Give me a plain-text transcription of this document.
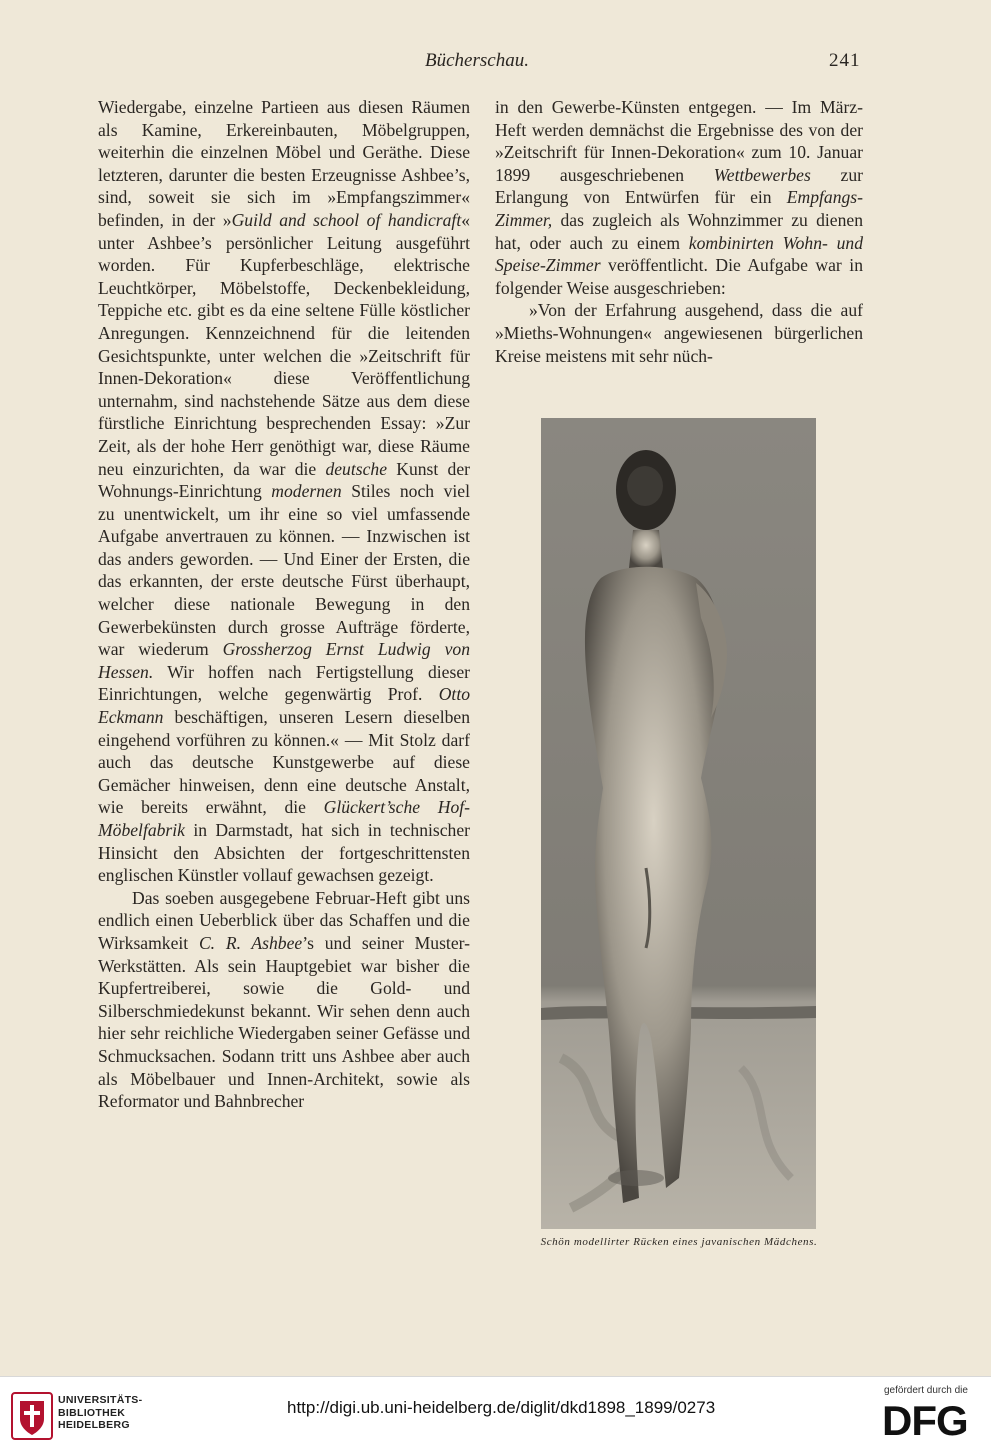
Bücherschau.	241

Wiedergabe, einzelne Partieen aus diesen Räumen als Kamine, Erkereinbauten, Möbelgruppen, weiterhin die einzelnen Möbel und Geräthe. Diese letzteren, darunter die besten Erzeugnisse Ashbee’s, sind, soweit sie sich im »Empfangszimmer« befinden, in der »Guild and school of handicraft« unter Ashbee’s persönlicher Leitung ausgeführt worden. Für Kupferbeschläge, elektrische Leuchtkörper, Möbelstoffe, Deckenbekleidung, Teppiche etc. gibt es da eine seltene Fülle köstlicher Anregungen. Kennzeichnend für die leitenden Gesichtspunkte, unter welchen die »Zeitschrift für Innen-Dekoration« diese Veröffentlichung unternahm, sind nachstehende Sätze aus dem diese fürstliche Einrichtung besprechenden Essay: »Zur Zeit, als der hohe Herr genöthigt war, diese Räume neu einzurichten, da war die deutsche Kunst der Wohnungs-Einrichtung modernen Stiles noch viel zu unentwickelt, um ihr eine so viel umfassende Aufgabe anvertrauen zu können. — Inzwischen ist das anders geworden. — Und Einer der Ersten, die das erkannten, der erste deutsche Fürst überhaupt, welcher diese nationale Bewegung in den Gewerbekünsten durch grosse Aufträge förderte, war wiederum Grossherzog Ernst Ludwig von Hessen. Wir hoffen nach Fertigstellung dieser Einrichtungen, welche gegenwärtig Prof. Otto Eckmann beschäftigen, unseren Lesern dieselben eingehend vorführen zu können.« — Mit Stolz darf auch das deutsche Kunstgewerbe auf diese Gemächer hinweisen, denn eine deutsche Anstalt, wie bereits erwähnt, die Glückert’sche Hof-Möbelfabrik in Darmstadt, hat sich in technischer Hinsicht den Absichten der fortgeschrittensten englischen Künstler vollauf gewachsen gezeigt.

Das soeben ausgegebene Februar-Heft gibt uns endlich einen Ueberblick über das Schaffen und die Wirksamkeit C. R. Ashbee’s und seiner Muster-Werkstätten. Als sein Hauptgebiet war bisher die Kupfertreiberei, sowie die Gold- und Silberschmiedekunst bekannt. Wir sehen denn auch hier sehr reichliche Wiedergaben seiner Gefässe und Schmucksachen. Sodann tritt uns Ashbee aber auch als Möbelbauer und Innen-Architekt, sowie als Reformator und Bahnbrecher

in den Gewerbe-Künsten entgegen. — Im März-Heft werden demnächst die Ergebnisse des von der »Zeitschrift für Innen-Dekoration« zum 10. Januar 1899 ausgeschriebenen Wettbewerbes zur Erlangung von Entwürfen für ein Empfangs-Zimmer, das zugleich als Wohnzimmer zu dienen hat, oder auch zu einem kombinirten Wohn- und Speise-Zimmer veröffentlicht. Die Aufgabe war in folgender Weise ausgeschrieben:

»Von der Erfahrung ausgehend, dass die auf »Mieths-Wohnungen« angewiesenen bürgerlichen Kreise meistens mit sehr nüch-

Schön modellirter Rücken eines javanischen Mädchens.
UNIVERSITÄTS-
BIBLIOTHEK
HEIDELBERG
http://digi.ub.uni-heidelberg.de/diglit/dkd1898_1899/0273
gefördert durch die
DFG
